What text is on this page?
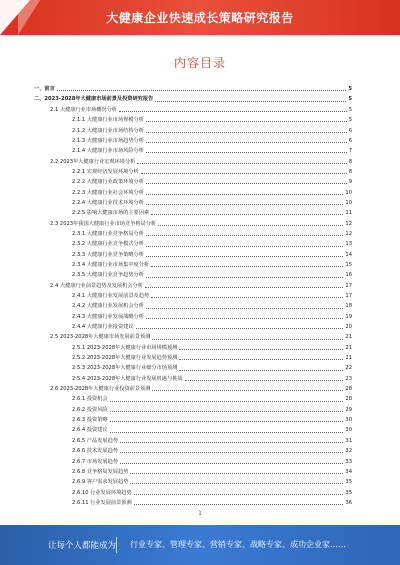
大健康企业快速成长策略研究报告
内容目录
一、前言	5
二、2023-2028年大健康市场前景及投资研究报告	5
2.1 大健康行业市场概况分析	5
2.1.1 大健康行业市场规模分析	5
2.1.2 大健康行业市场结构分析	6
2.1.3 大健康行业市场趋势分析	6
2.1.4 大健康行业市场风险分析	7
2.2 2023年大健康行业宏观环境分析	8
2.2.1 宏观经济发展环境分析	8
2.2.2 大健康行业政策环境分析	9
2.2.3 大健康行业社会环境分析	10
2.2.4 大健康行业技术环境分析	10
2.2.5 影响大健康市场的主要因素	11
2.3 2023年我国大健康行业市场竞争格局分析	12
2.3.1 大健康行业竞争格局分析	12
2.3.2 大健康行业竞争模式分析	13
2.3.3 大健康行业竞争策略分析	14
2.3.4 大健康行业市场集中度分析	15
2.3.5 大健康行业竞争趋势分析	16
2.4 大健康行业前景趋势及发展机会分析	17
2.4.1 大健康行业发展前景及趋势	17
2.4.2 大健康行业发展机会分析	18
2.4.3 大健康行业发展战略分析	19
2.4.4 大健康行业投资建议	20
2.5 2023-2028年大健康市场发展前景预测	21
2.5.1 2023-2028年大健康行业市场规模预测	21
2.5.2 2023-2028年大健康行业发展趋势预测	21
2.5.3 2023-2028年大健康行业细分市场预测	22
2.5.4 2023-2028年大健康行业发展机遇与挑战	23
2.6 2023-2028年大健康行业投资前景预测	28
2.6.1 投资机会	28
2.6.2 投资风险	29
2.6.3 投资策略	30
2.6.4 投资建议	30
2.6.5 产品发展趋势	31
2.6.6 技术发展趋势	32
2.6.7 市场发展趋势	33
2.6.8 竞争格局发展趋势	34
2.6.9 客户需求发展趋势	35
2.6.10 行业发展环境趋势	35
2.6.11 行业发展前景预测	36
1
让每个人都能成为 行业专家、管理专家、营销专家、战略专家、成功企业家……
